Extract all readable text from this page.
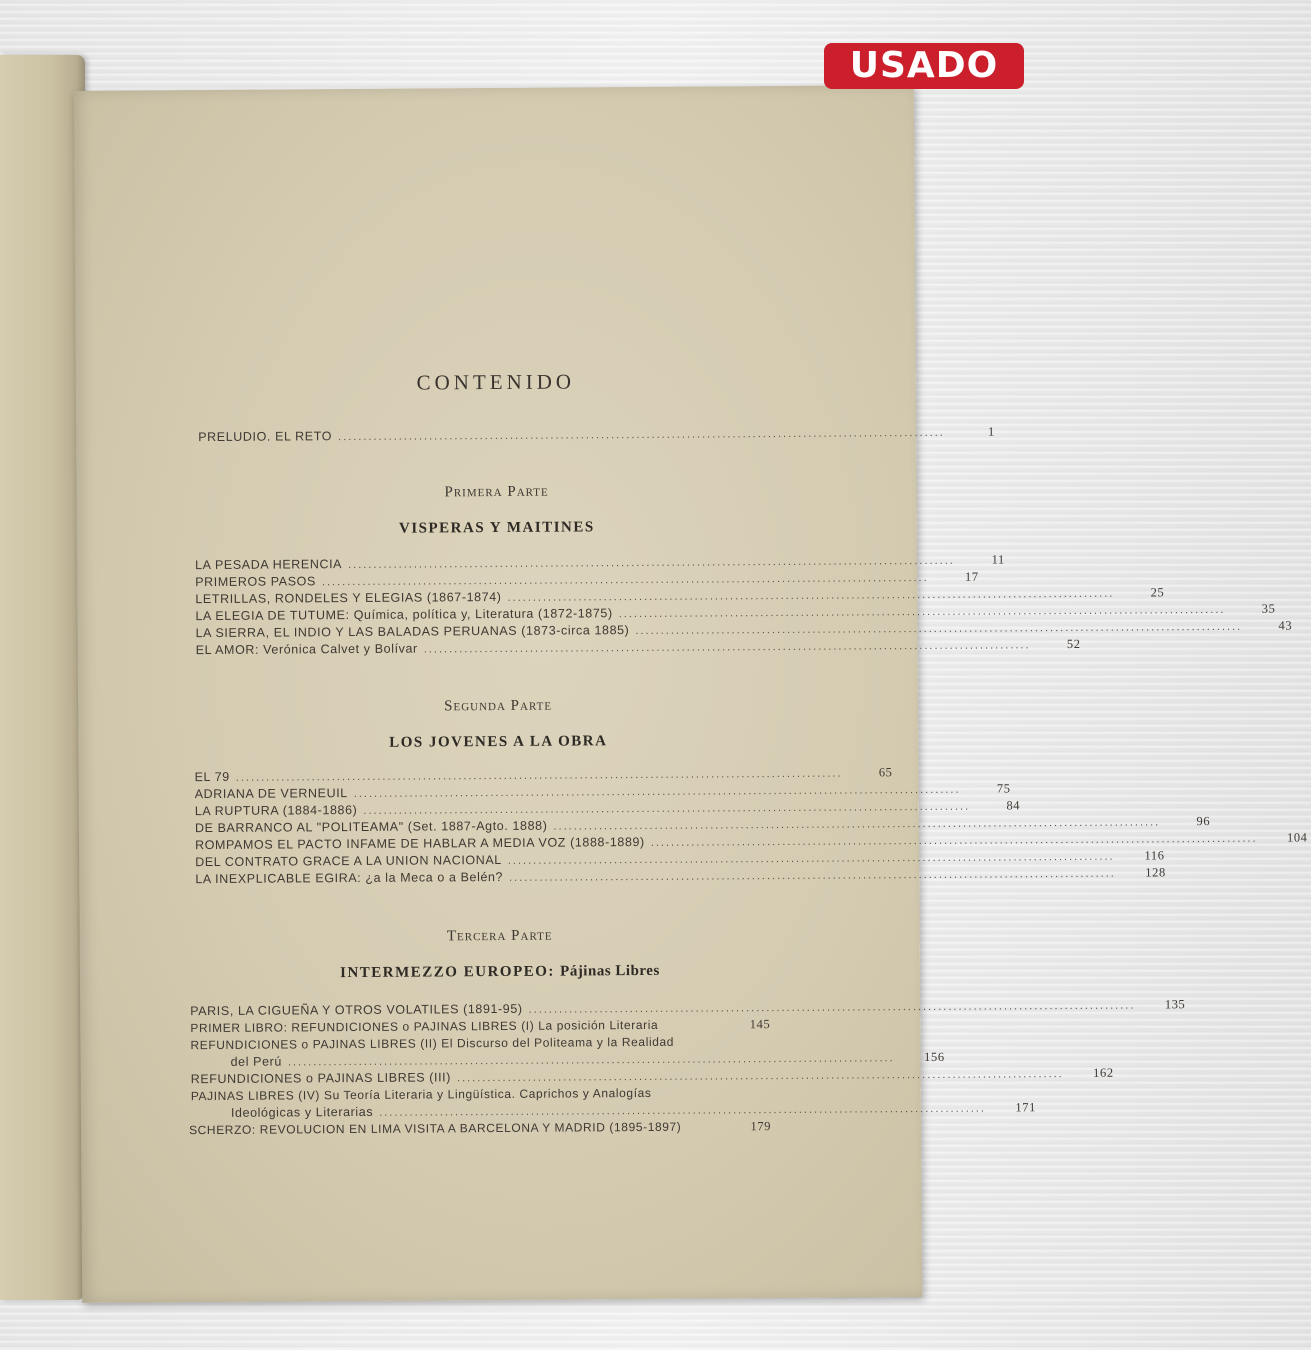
CONTENIDO
PRELUDIO. EL RETO ........................................................................................................................	1
Primera Parte
VISPERAS Y MAITINES
LA PESADA HERENCIA ........................................................................................................................	11
PRIMEROS PASOS ........................................................................................................................	17
LETRILLAS, RONDELES Y ELEGIAS (1867-1874) ........................................................................................................................	25
LA ELEGIA DE TUTUME: Química, política y, Literatura (1872-1875) ........................................................................................................................	35
LA SIERRA, EL INDIO Y LAS BALADAS PERUANAS (1873-circa 1885) ........................................................................................................................	43
EL AMOR: Verónica Calvet y Bolívar ........................................................................................................................	52
Segunda Parte
LOS JOVENES A LA OBRA
EL 79 ........................................................................................................................	65
ADRIANA DE VERNEUIL ........................................................................................................................	75
LA RUPTURA (1884-1886) ........................................................................................................................	84
DE BARRANCO AL "POLITEAMA" (Set. 1887-Agto. 1888) ........................................................................................................................	96
ROMPAMOS EL PACTO INFAME DE HABLAR A MEDIA VOZ (1888-1889) ........................................................................................................................	104
DEL CONTRATO GRACE A LA UNION NACIONAL ........................................................................................................................	116
LA INEXPLICABLE EGIRA: ¿a la Meca o a Belén? ........................................................................................................................	128
Tercera Parte
INTERMEZZO EUROPEO: Pájinas Libres
PARIS, LA CIGUEÑA Y OTROS VOLATILES (1891-95) ........................................................................................................................	135
PRIMER LIBRO: REFUNDICIONES o PAJINAS LIBRES (I) La posición Literaria	145
REFUNDICIONES o PAJINAS LIBRES (II) El Discurso del Politeama y la Realidad
del Perú ........................................................................................................................	156
REFUNDICIONES o PAJINAS LIBRES (III) ........................................................................................................................	162
PAJINAS LIBRES (IV) Su Teoría Literaria y Lingüística. Caprichos y Analogías
Ideológicas y Literarias ........................................................................................................................	171
SCHERZO: REVOLUCION EN LIMA VISITA A BARCELONA Y MADRID (1895-1897)	179
USADO
